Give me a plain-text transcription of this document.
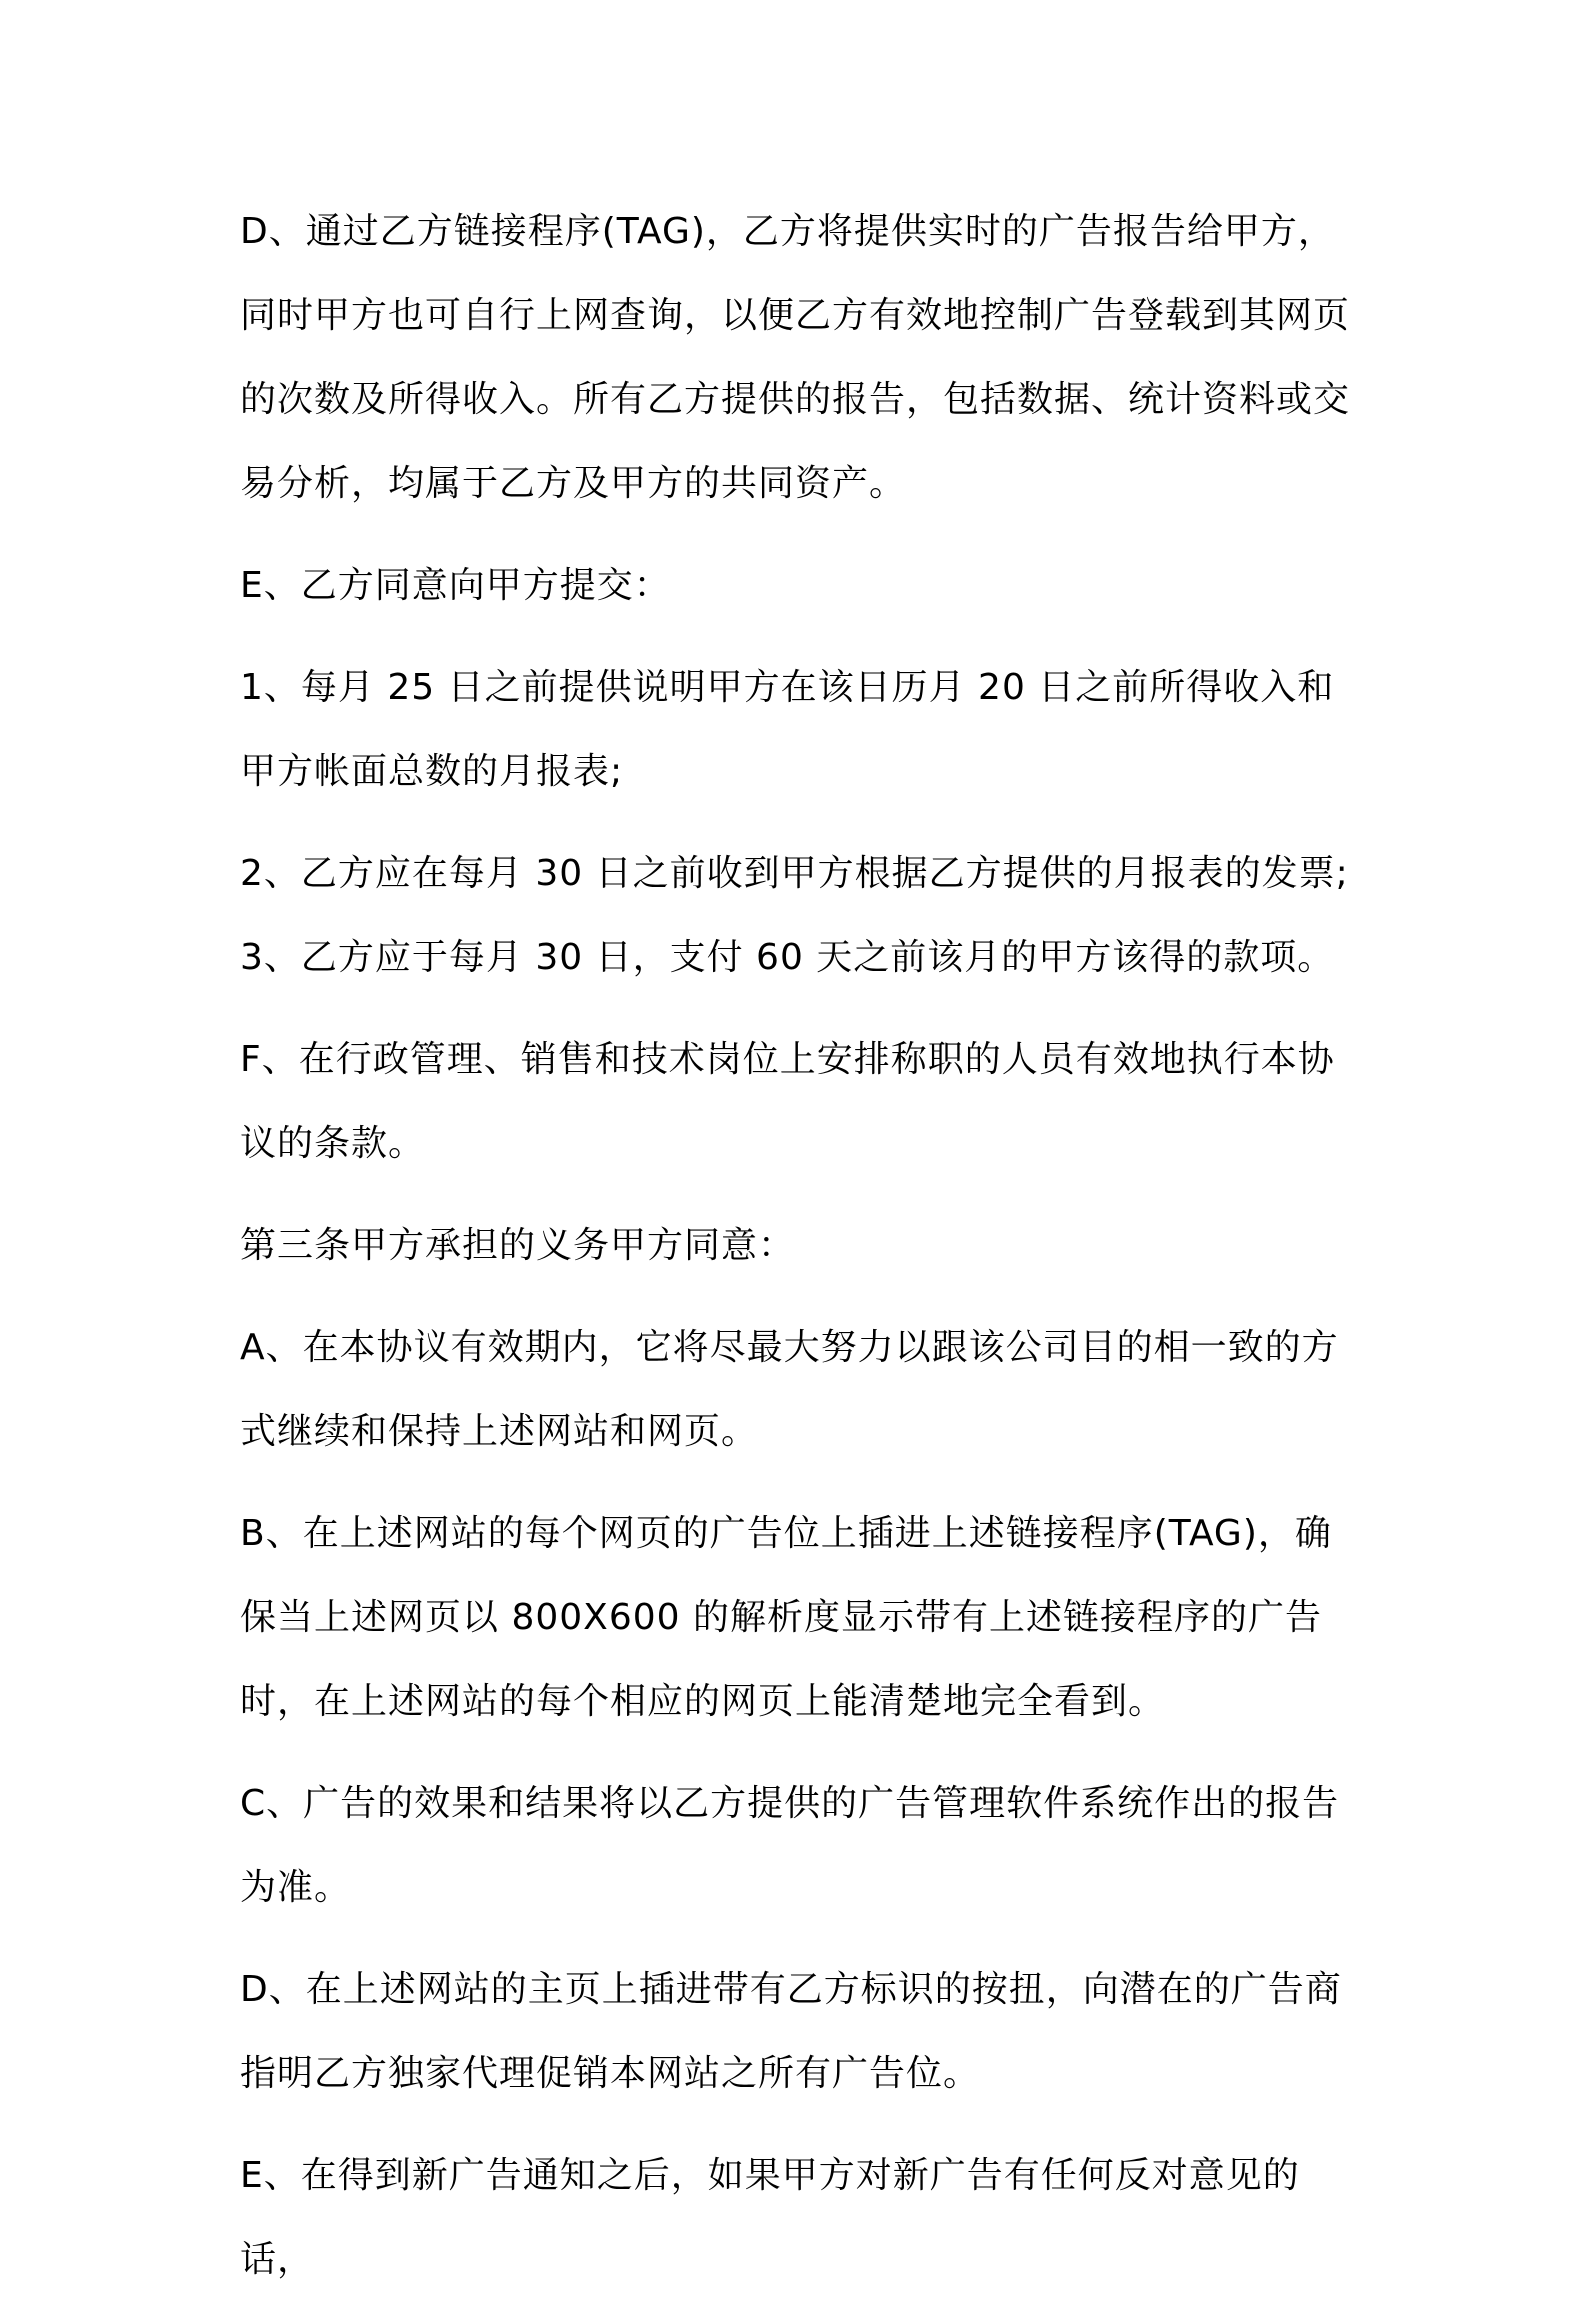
D、通过乙方链接程序(TAG)，乙方将提供实时的广告报告给甲方，同时甲方也可自行上网查询，以便乙方有效地控制广告登载到其网页的次数及所得收入。所有乙方提供的报告，包括数据、统计资料或交易分析，均属于乙方及甲方的共同资产。

E、乙方同意向甲方提交：

1、每月 25 日之前提供说明甲方在该日历月 20 日之前所得收入和甲方帐面总数的月报表;

2、乙方应在每月 30 日之前收到甲方根据乙方提供的月报表的发票;

3、乙方应于每月 30 日，支付 60 天之前该月的甲方该得的款项。

F、在行政管理、销售和技术岗位上安排称职的人员有效地执行本协议的条款。

第三条甲方承担的义务甲方同意：

A、在本协议有效期内，它将尽最大努力以跟该公司目的相一致的方式继续和保持上述网站和网页。

B、在上述网站的每个网页的广告位上插进上述链接程序(TAG)，确保当上述网页以 800X600 的解析度显示带有上述链接程序的广告时，在上述网站的每个相应的网页上能清楚地完全看到。

C、广告的效果和结果将以乙方提供的广告管理软件系统作出的报告为准。

D、在上述网站的主页上插进带有乙方标识的按扭，向潜在的广告商指明乙方独家代理促销本网站之所有广告位。

E、在得到新广告通知之后，如果甲方对新广告有任何反对意见的话，
